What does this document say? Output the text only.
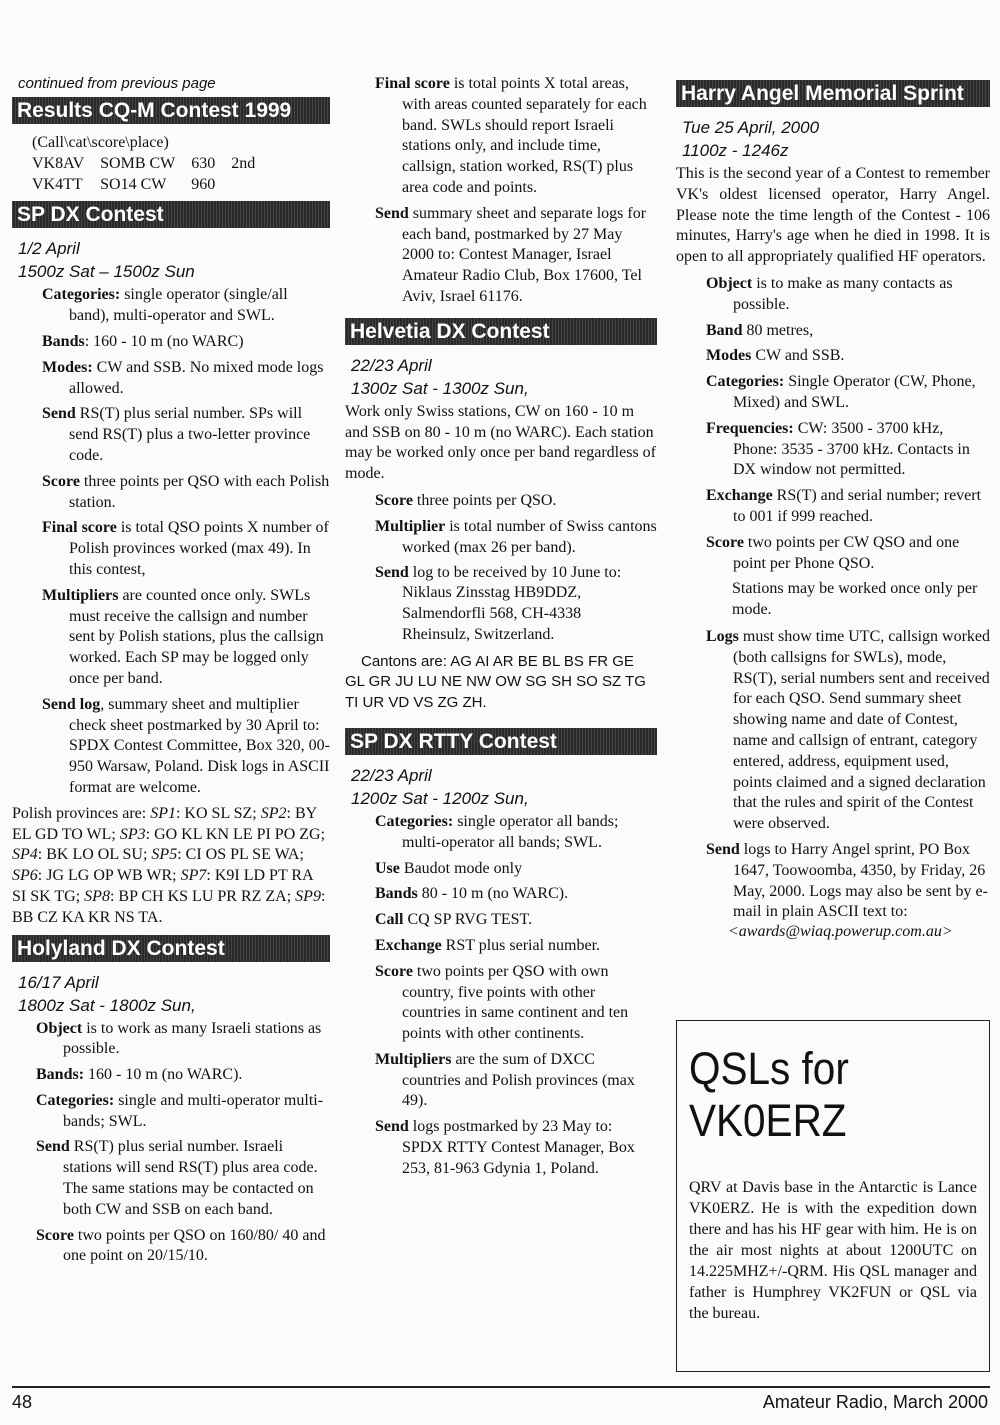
continued from previous page
Results CQ-M Contest 1999
(Call\cat\score\place)
VK8AV	SOMB CW	630	2nd
VK4TT	SO14 CW	960	
SP DX Contest
1/2 April
1500z Sat – 1500z Sun
Categories: single operator (single/all band), multi-operator and SWL.
Bands: 160 - 10 m (no WARC)
Modes: CW and SSB. No mixed mode logs allowed.
Send RS(T) plus serial number. SPs will send RS(T) plus a two-letter province code.
Score three points per QSO with each Polish station.
Final score is total QSO points X number of Polish provinces worked (max 49). In this contest,
Multipliers are counted once only. SWLs must receive the callsign and number sent by Polish stations, plus the callsign worked. Each SP may be logged only once per band.
Send log, summary sheet and multiplier check sheet postmarked by 30 April to: SPDX Contest Committee, Box 320, 00-950 Warsaw, Poland. Disk logs in ASCII format are welcome.
Polish provinces are: SP1: KO SL SZ; SP2: BY EL GD TO WL; SP3: GO KL KN LE PI PO ZG; SP4: BK LO OL SU; SP5: CI OS PL SE WA; SP6: JG LG OP WB WR; SP7: K9I LD PT RA SI SK TG; SP8: BP CH KS LU PR RZ ZA; SP9: BB CZ KA KR NS TA.
Holyland DX Contest
16/17 April
1800z Sat - 1800z Sun,
Object is to work as many Israeli stations as possible.
Bands: 160 - 10 m (no WARC).
Categories: single and multi-operator multi-bands; SWL.
Send RS(T) plus serial number. Israeli stations will send RS(T) plus area code. The same stations may be contacted on both CW and SSB on each band.
Score two points per QSO on 160/80/ 40 and one point on 20/15/10.
Final score is total points X total areas, with areas counted separately for each band. SWLs should report Israeli stations only, and include time, callsign, station worked, RS(T) plus area code and points.
Send summary sheet and separate logs for each band, postmarked by 27 May 2000 to: Contest Manager, Israel Amateur Radio Club, Box 17600, Tel Aviv, Israel 61176.
Helvetia DX Contest
22/23 April
1300z Sat - 1300z Sun,
Work only Swiss stations, CW on 160 - 10 m and SSB on 80 - 10 m (no WARC). Each station may be worked only once per band regardless of mode.
Score three points per QSO.
Multiplier is total number of Swiss cantons worked (max 26 per band).
Send log to be received by 10 June to:
Niklaus Zinsstag HB9DDZ,
Salmendorfli 568, CH-4338
Rheinsulz, Switzerland.
Cantons are: AG AI AR BE BL BS FR GE GL GR JU LU NE NW OW SG SH SO SZ TG TI UR VD VS ZG ZH.
SP DX RTTY Contest
22/23 April
1200z Sat - 1200z Sun,
Categories: single operator all bands; multi-operator all bands; SWL.
Use Baudot mode only
Bands 80 - 10 m (no WARC).
Call CQ SP RVG TEST.
Exchange RST plus serial number.
Score two points per QSO with own country, five points with other countries in same continent and ten points with other continents.
Multipliers are the sum of DXCC countries and Polish provinces (max 49).
Send logs postmarked by 23 May to: SPDX RTTY Contest Manager, Box 253, 81-963 Gdynia 1, Poland.
Harry Angel Memorial Sprint
Tue 25 April, 2000
1100z - 1246z
This is the second year of a Contest to remember VK's oldest licensed operator, Harry Angel. Please note the time length of the Contest - 106 minutes, Harry's age when he died in 1998. It is open to all appropriately qualified HF operators.
Object is to make as many contacts as possible.
Band 80 metres,
Modes CW and SSB.
Categories: Single Operator (CW, Phone, Mixed) and SWL.
Frequencies: CW: 3500 - 3700 kHz, Phone: 3535 - 3700 kHz. Contacts in DX window not permitted.
Exchange RS(T) and serial number; revert to 001 if 999 reached.
Score two points per CW QSO and one point per Phone QSO.
Stations may be worked once only per mode.
Logs must show time UTC, callsign worked (both callsigns for SWLs), mode, RS(T), serial numbers sent and received for each QSO. Send summary sheet showing name and date of Contest, name and callsign of entrant, category entered, address, equipment used, points claimed and a signed declaration that the rules and spirit of the Contest were observed.
Send logs to Harry Angel sprint, PO Box 1647, Toowoomba, 4350, by Friday, 26 May, 2000. Logs may also be sent by e-mail in plain ASCII text to:
<awards@wiaq.powerup.com.au>
QSLs for
VK0ERZ

QRV at Davis base in the Antarctic is Lance VK0ERZ. He is with the expedition down there and has his HF gear with him. He is on the air most nights at about 1200UTC on 14.225MHZ+/-QRM. His QSL manager and father is Humphrey VK2FUN or QSL via the bureau.

48	Amateur Radio, March 2000
